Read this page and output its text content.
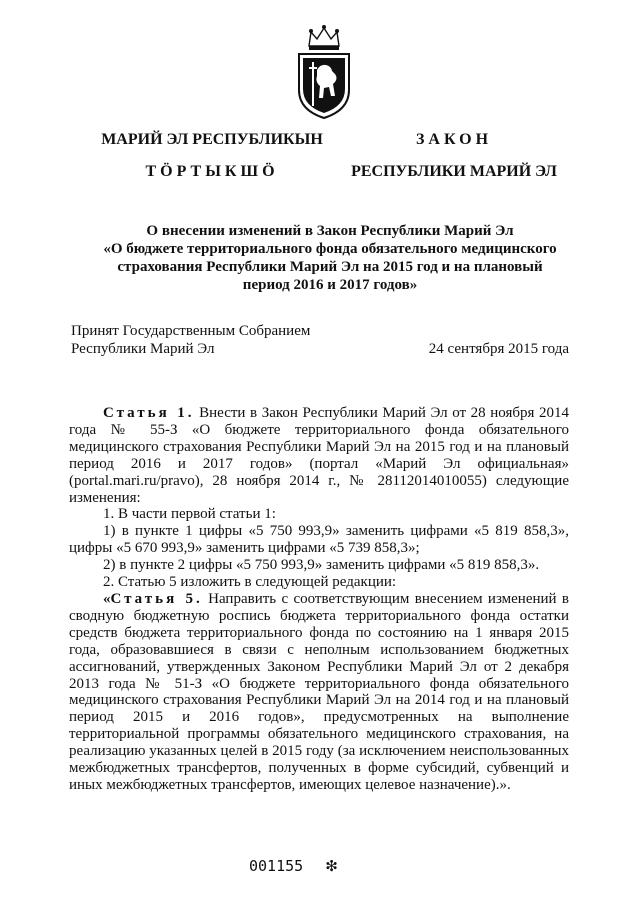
МАРИЙ ЭЛ РЕСПУБЛИКЫН
ТӦРТЫКШӦ
ЗАКОН
РЕСПУБЛИКИ МАРИЙ ЭЛ
О внесении изменений в Закон Республики Марий Эл
«О бюджете территориального фонда обязательного медицинского
страхования Республики Марий Эл на 2015 год и на плановый
период 2016 и 2017 годов»
Принят Государственным Собранием
Республики Марий Эл	24 сентября 2015 года

Статья 1. Внести в Закон Республики Марий Эл от 28 ноября 2014 года № 55-З «О бюджете территориального фонда обязательного медицинского страхования Республики Марий Эл на 2015 год и на плановый период 2016 и 2017 годов» (портал «Марий Эл официальная» (portal.mari.ru/pravo), 28 ноября 2014 г., № 28112014010055) следующие изменения:

1. В части первой статьи 1:

1) в пункте 1 цифры «5 750 993,9» заменить цифрами «5 819 858,3», цифры «5 670 993,9» заменить цифрами «5 739 858,3»;

2) в пункте 2 цифры «5 750 993,9» заменить цифрами «5 819 858,3».

2. Статью 5 изложить в следующей редакции:

«Статья 5. Направить с соответствующим внесением изменений в сводную бюджетную роспись бюджета территориального фонда остатки средств бюджета территориального фонда по состоянию на 1 января 2015 года, образовавшиеся в связи с неполным использованием бюджетных ассигнований, утвержденных Законом Республики Марий Эл от 2 декабря 2013 года № 51-З «О бюджете территориального фонда обязательного медицинского страхования Республики Марий Эл на 2014 год и на плановый период 2015 и 2016 годов», предусмотренных на выполнение территориальной программы обязательного медицинского страхования, на реализацию указанных целей в 2015 году (за исключением неиспользованных межбюджетных трансфертов, полученных в форме субсидий, субвенций и иных межбюджетных трансфертов, имеющих целевое назначение).».

001155 ❇
